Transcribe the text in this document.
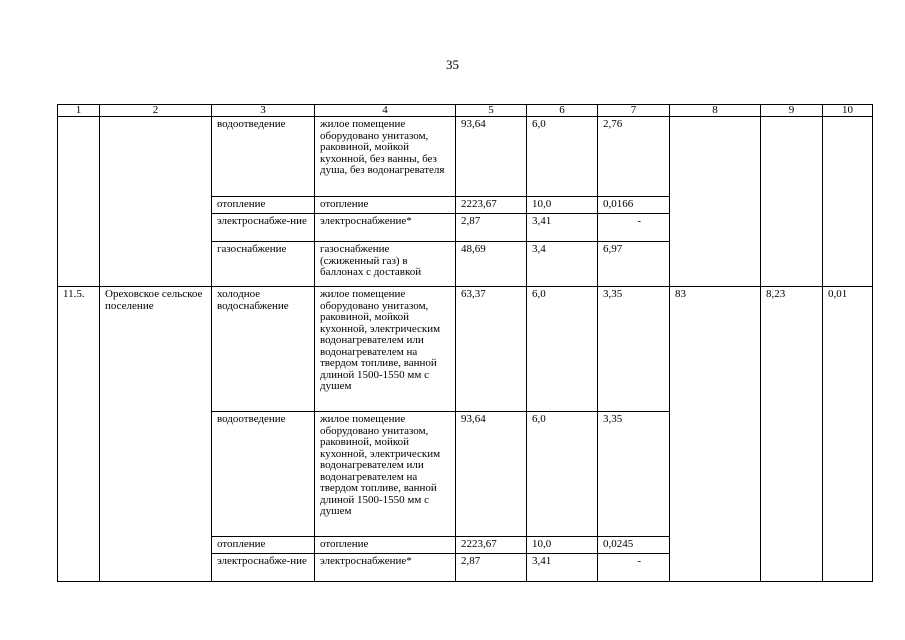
35
1	2	3	4	5	6	7	8	9	10
		водоотведение	жилое помещение оборудовано унитазом, раковиной, мойкой кухонной, без ванны, без душа, без водонагревателя	93,64	6,0	2,76			
		отопление	отопление	2223,67	10,0	0,0166			
		электроснабже-ние	электроснабжение*	2,87	3,41	-			
		газоснабжение	газоснабжение (сжиженный газ) в баллонах с доставкой	48,69	3,4	6,97			
11.5.	Ореховское сельское поселение	холодное водоснабжение	жилое помещение оборудовано унитазом, раковиной, мойкой кухонной, электрическим водонагревателем или водонагревателем на твердом топливе, ванной длиной 1500-1550 мм с душем	63,37	6,0	3,35	83	8,23	0,01
		водоотведение	жилое помещение оборудовано унитазом, раковиной, мойкой кухонной, электрическим водонагревателем или водонагревателем на твердом топливе, ванной длиной 1500-1550 мм с душем	93,64	6,0	3,35			
		отопление	отопление	2223,67	10,0	0,0245			
		электроснабже-ние	электроснабжение*	2,87	3,41	-			
